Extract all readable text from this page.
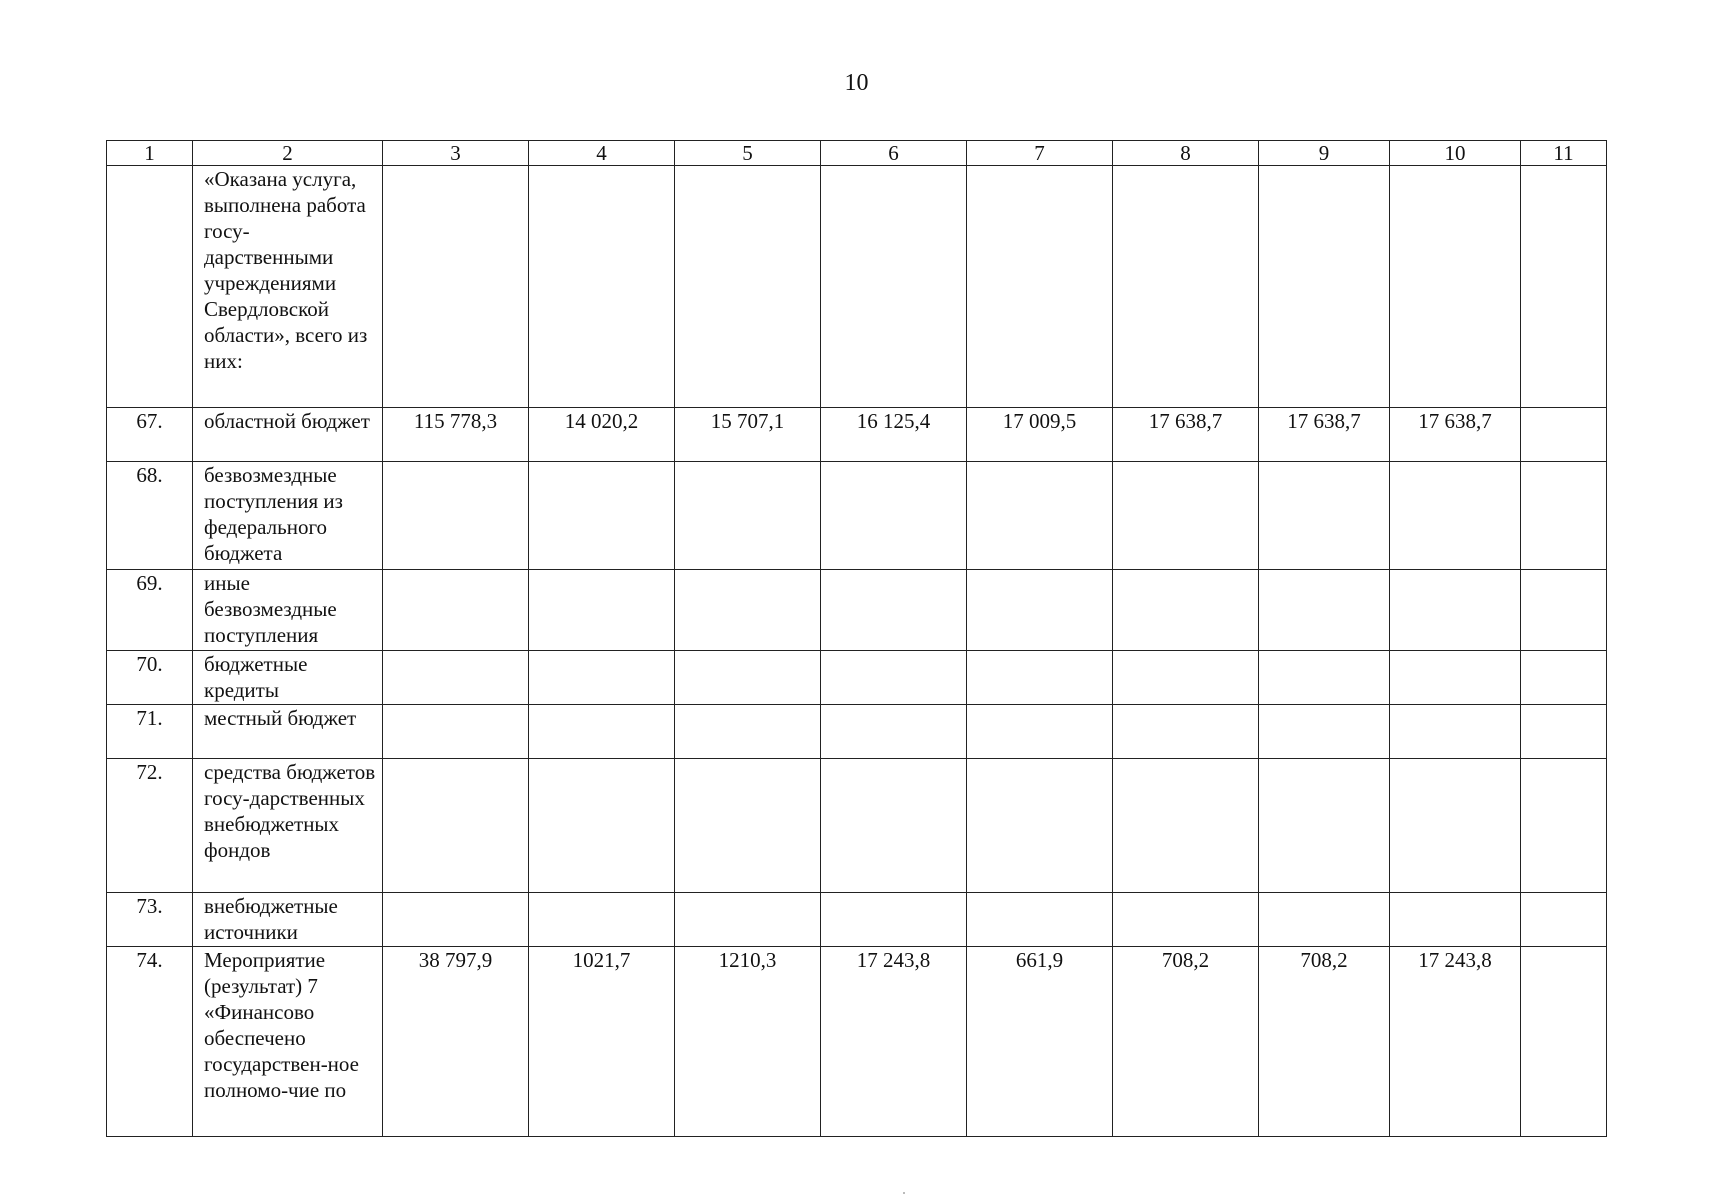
10
1	2	3	4	5	6	7	8	9	10	11
	«Оказана услуга, выполнена работа госу-дарственными учреждениями Свердловской области», всего из них:									
67.	областной бюджет	115 778,3	14 020,2	15 707,1	16 125,4	17 009,5	17 638,7	17 638,7	17 638,7	
68.	безвозмездные поступления из федерального бюджета									
69.	иные безвозмездные поступления									
70.	бюджетные кредиты									
71.	местный бюджет									
72.	средства бюджетов госу-дарственных внебюджетных фондов									
73.	внебюджетные источники									
74.	Мероприятие (результат) 7 «Финансово обеспечено государствен-ное полномо-чие по	38 797,9	1021,7	1210,3	17 243,8	661,9	708,2	708,2	17 243,8	
